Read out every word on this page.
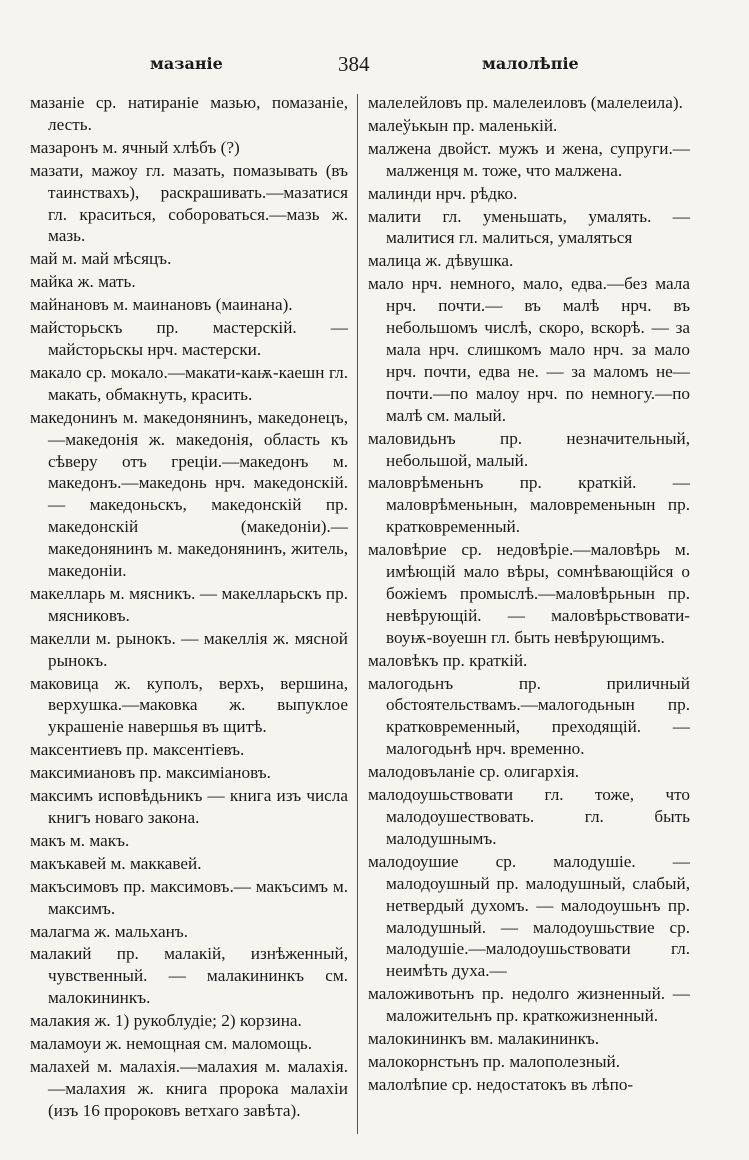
мазаніе	384	малолѣпіе

мазаніе ср. натираніе мазью, помазаніе, лесть.

мазаронъ м. ячный хлѣбъ (?)

мазати, мажоу гл. мазать, помазывать (въ таинствахъ), раскрашивать.—мазатися гл. краситься, собороваться.—мазь ж. мазь.

май м. май мѣсяцъ.

майка ж. мать.

майнановъ м. маинановъ (маинана).

майсторьскъ пр. мастерскій. — майсторьскы нрч. мастерски.

макало ср. мокало.—макати-каѭ-каешн гл. макать, обмакнуть, красить.

македонинъ м. македонянинъ, македонецъ,—македонія ж. македонія, область къ сѣверу отъ греціи.—македонъ м. македонъ.—македонь нрч. македонскій. — македоньскъ, македонскій пр. македонскій (македоніи).— македонянинъ м. македонянинъ, житель, македоніи.

макелларь м. мясникъ. — макелларьскъ пр. мясниковъ.

макелли м. рынокъ. — макеллія ж. мясной рынокъ.

маковица ж. куполъ, верхъ, вершина, верхушка.—маковка ж. выпуклое украшеніе навершья въ щитѣ.

максентиевъ пр. максентіевъ.

максимиановъ пр. максиміановъ.

максимъ исповѣдьникъ — книга изъ числа книгъ новаго закона.

макъ м. макъ.

макъкавей м. маккавей.

макъсимовъ пр. максимовъ.— макъсимъ м. максимъ.

малагма ж. мальханъ.

малакий пр. малакій, изнѣженный, чувственный. — малакининкъ см. малокининкъ.

малакия ж. 1) рукоблудіе; 2) корзина.

маламоуи ж. немощная см. маломощь.

малахей м. малахія.—малахия м. малахія.—малахия ж. книга пророка малахіи (изъ 16 пророковъ ветхаго завѣта).

малелейловъ пр. малелеиловъ (малелеила).

малеўькын пр. маленькій.

малжена двойст. мужъ и жена, супруги.—малженця м. тоже, что малжена.

малинди нрч. рѣдко.

малити гл. уменьшать, умалять. — малитися гл. малиться, умаляться

малица ж. дѣвушка.

мало нрч. немного, мало, едва.—без мала нрч. почти.— въ малѣ нрч. въ небольшомъ числѣ, скоро, вскорѣ. — за мала нрч. слишкомъ мало нрч. за мало нрч. почти, едва не. — за маломъ не—почти.—по малоу нрч. по немногу.—по малѣ см. малый.

маловидьнъ пр. незначительный, небольшой, малый.

маловрѣменьнъ пр. краткій. — маловрѣменьнын, маловременьнын пр. кратковременный.

маловѣрие ср. недовѣріе.—маловѣрь м. имѣющій мало вѣры, сомнѣвающійся о божіемъ промыслѣ.—маловѣрьнын пр. невѣрующій. — маловѣрьствовати-воуѭ-воуешн гл. быть невѣрующимъ.

маловѣкъ пр. краткій.

малогодьнъ пр. приличный обстоятельствамъ.—малогодьнын пр. кратковременный, преходящій. — малогодьнѣ нрч. временно.

малодовъланіе ср. олигархія.

малодоушьствовати гл. тоже, что малодоушествовать. гл. быть малодушнымъ.

малодоушие ср. малодушіе. — малодоушный пр. малодушный, слабый, нетвердый духомъ. — малодоушьнъ пр. малодушный. — малодоушьствие ср. малодушіе.—малодоушьствовати гл. неимѣть духа.—

маложивотьнъ пр. недолго жизненный. — маложительнъ пр. краткожизненный.

малокининкъ вм. малакининкъ.

малокорнстьнъ пр. малополезный.

малолѣпие ср. недостатокъ въ лѣпо-
